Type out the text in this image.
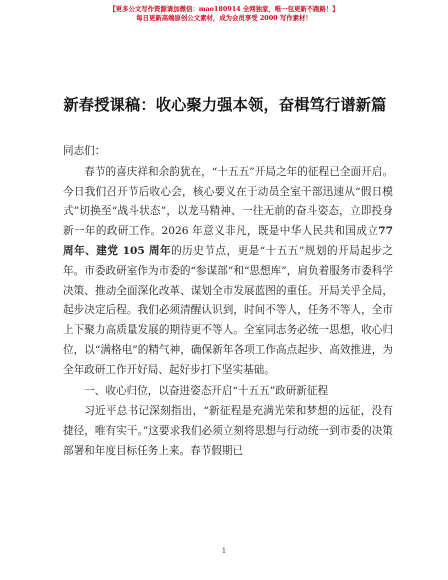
【更多公文写作资源请加微信：mao180914 全网独家，唯一包更新不跑路！】
每日更新高端原创公文素材，成为会员享受 2000 写作素材！
新春授课稿：收心聚力强本领，奋楫笃行谱新篇

同志们：

春节的喜庆祥和余韵犹在，“十五五”开局之年的征程已全面开启。今日我们召开节后收心会，核心要义在于动员全室干部迅速从“假日模式”切换至“战斗状态”，以龙马精神、一往无前的奋斗姿态，立即投身新一年的政研工作。2026 年意义非凡，既是中华人民共和国成立77 周年、建党 105 周年的历史节点，更是“十五五”规划的开局起步之年。市委政研室作为市委的“参谋部”和“思想库”，肩负着服务市委科学决策、推动全面深化改革、谋划全市发展蓝图的重任。开局关乎全局，起步决定后程。我们必须清醒认识到，时间不等人，任务不等人，全市上下聚力高质量发展的期待更不等人。全室同志务必统一思想，收心归位，以“满格电”的精气神，确保新年各项工作高点起步、高效推进，为全年政研工作开好局、起好步打下坚实基础。

一、收心归位，以奋进姿态开启“十五五”政研新征程

习近平总书记深刻指出，“新征程是充满光荣和梦想的远征，没有捷径，唯有实干。”这要求我们必须立刻将思想与行动统一到市委的决策部署和年度目标任务上来。春节假期已

1
